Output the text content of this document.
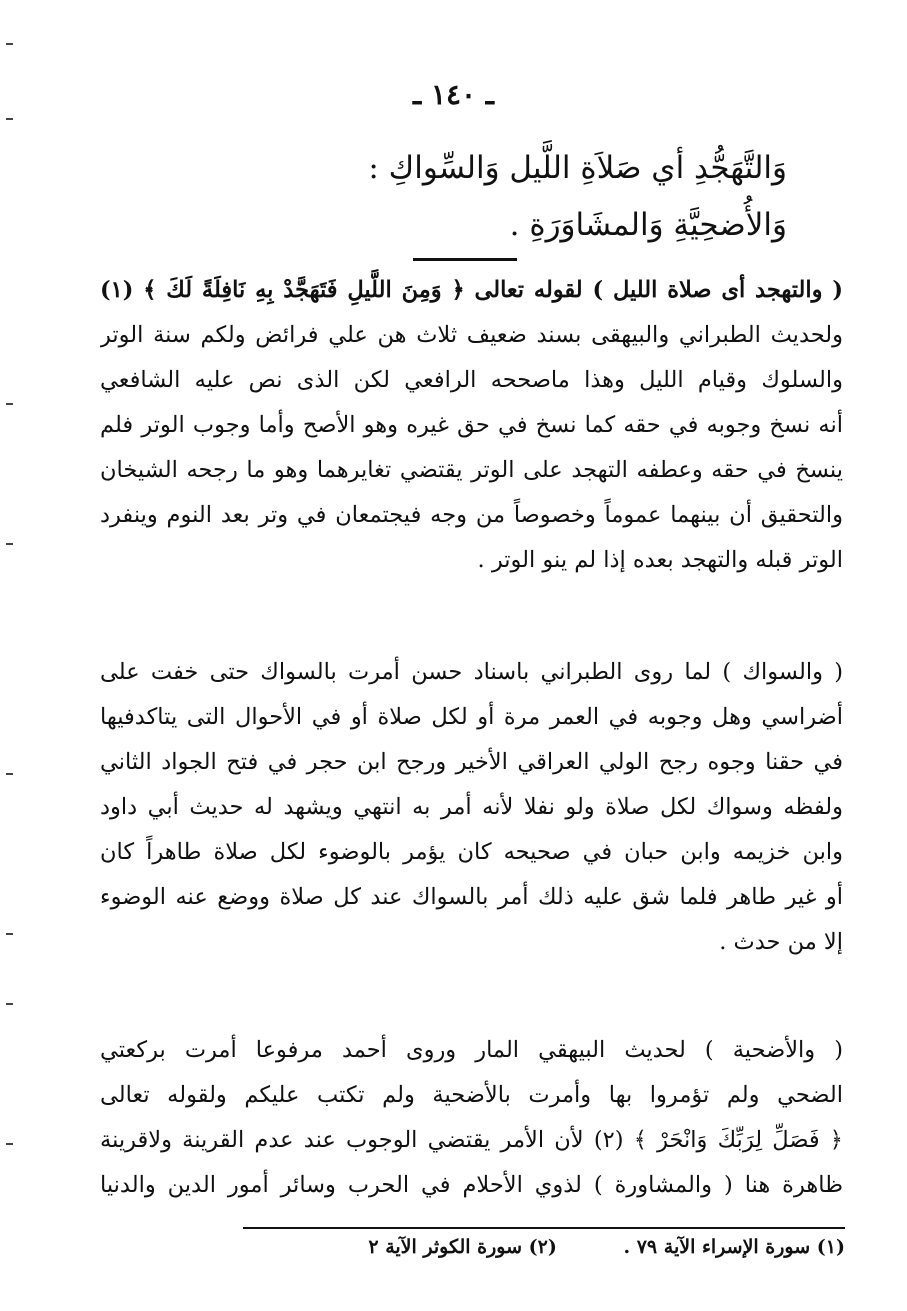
ـ ١٤٠ ـ
وَالتَّهَجُّدِ أي صَلاَةِ اللَّيل وَالسِّواكِ :
وَالأُضحِيَّةِ وَالمشَاوَرَةِ .
( والتهجد أى صلاة الليل ) لقوله تعالى ﴿ وَمِنَ اللَّيلِ فَتَهَجَّدْ بِهِ نَافِلَةً لَكَ ﴾ (١)
ولحديث الطبراني والبيهقى بسند ضعيف ثلاث هن علي فرائض ولكم سنة الوتر
والسلوك وقيام الليل وهذا ماصححه الرافعي لكن الذى نص عليه الشافعي
أنه نسخ وجوبه في حقه كما نسخ في حق غيره وهو الأصح وأما وجوب الوتر فلم
ينسخ في حقه وعطفه التهجد على الوتر يقتضي تغايرهما وهو ما رجحه الشيخان
والتحقيق أن بينهما عموماً وخصوصاً من وجه فيجتمعان في وتر بعد النوم وينفرد
الوتر قبله والتهجد بعده إذا لم ينو الوتر .
( والسواك ) لما روى الطبراني باسناد حسن أمرت بالسواك حتى خفت على
أضراسي وهل وجوبه في العمر مرة أو لكل صلاة أو في الأحوال التى يتاكدفيها
في حقنا وجوه رجح الولي العراقي الأخير ورجح ابن حجر في فتح الجواد الثاني
ولفظه وسواك لكل صلاة ولو نفلا لأنه أمر به انتهي ويشهد له حديث أبي داود
وابن خزيمه وابن حبان في صحيحه كان يؤمر بالوضوء لكل صلاة طاهراً كان
أو غير طاهر فلما شق عليه ذلك أمر بالسواك عند كل صلاة ووضع عنه الوضوء
إلا من حدث .
( والأضحية ) لحديث البيهقي المار وروى أحمد مرفوعا أمرت بركعتي
الضحي ولم تؤمروا بها وأمرت بالأضحية ولم تكتب عليكم ولقوله تعالى
﴿ فَصَلِّ لِرَبِّكَ وَانْحَرْ ﴾ (٢) لأن الأمر يقتضي الوجوب عند عدم القرينة ولاقرينة
ظاهرة هنا ( والمشاورة ) لذوي الأحلام في الحرب وسائر أمور الدين والدنيا
(١) سورة الإسراء الآية ٧٩ . (٢) سورة الكوثر الآية ٢
